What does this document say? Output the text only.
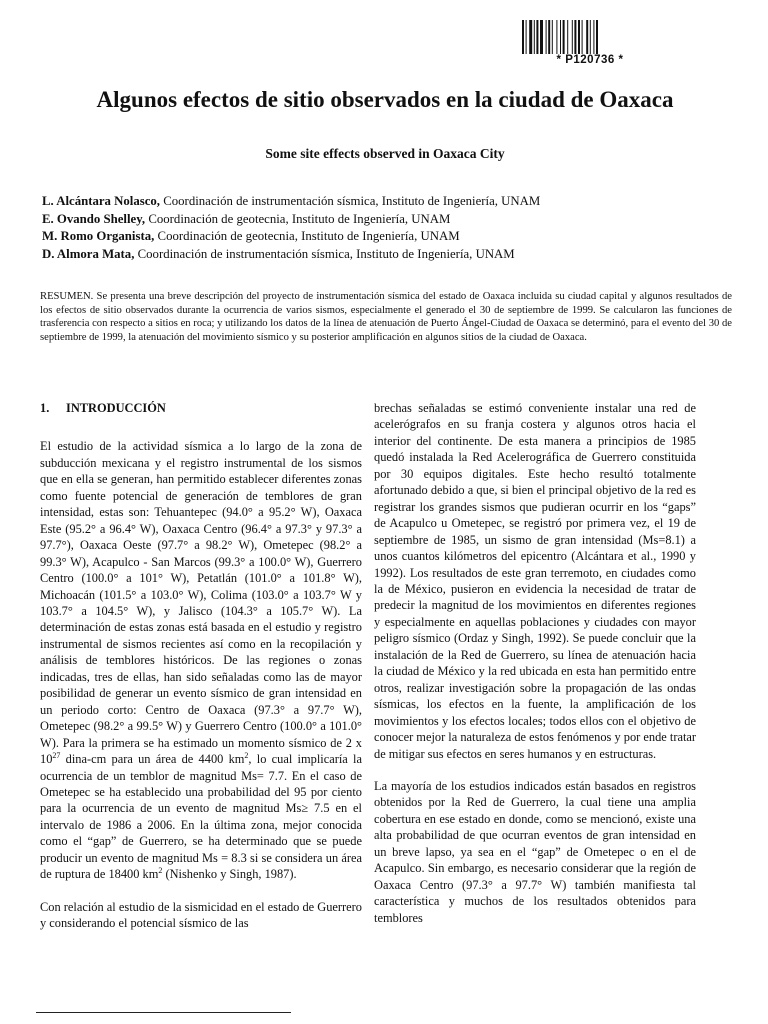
* P120736 *
Algunos efectos de sitio observados en la ciudad de Oaxaca
Some site effects observed in Oaxaca City
L. Alcántara Nolasco, Coordinación de instrumentación sísmica, Instituto de Ingeniería, UNAM
E. Ovando Shelley, Coordinación de geotecnia, Instituto de Ingeniería, UNAM
M. Romo Organista, Coordinación de geotecnia, Instituto de Ingeniería, UNAM
D. Almora Mata, Coordinación de instrumentación sísmica, Instituto de Ingeniería, UNAM

RESUMEN. Se presenta una breve descripción del proyecto de instrumentación sísmica del estado de Oaxaca incluida su ciudad capital y algunos resultados de los efectos de sitio observados durante la ocurrencia de varios sismos, especialmente el generado el 30 de septiembre de 1999. Se calcularon las funciones de trasferencia con respecto a sitios en roca; y utilizando los datos de la línea de atenuación de Puerto Ángel-Ciudad de Oaxaca se determinó, para el evento del 30 de septiembre de 1999, la atenuación del movimiento sísmico y su posterior amplificación en algunos sitios de la ciudad de Oaxaca.

1. INTRODUCCIÓN

El estudio de la actividad sísmica a lo largo de la zona de subducción mexicana y el registro instrumental de los sismos que en ella se generan, han permitido establecer diferentes zonas como fuente potencial de generación de temblores de gran intensidad, estas son: Tehuantepec (94.0° a 95.2° W), Oaxaca Este (95.2° a 96.4° W), Oaxaca Centro (96.4° a 97.3° y 97.3° a 97.7°), Oaxaca Oeste (97.7° a 98.2° W), Ometepec (98.2° a 99.3° W), Acapulco - San Marcos (99.3° a 100.0° W), Guerrero Centro (100.0° a 101° W), Petatlán (101.0° a 101.8° W), Michoacán (101.5° a 103.0° W), Colima (103.0° a 103.7° W y 103.7° a 104.5° W), y Jalisco (104.3° a 105.7° W). La determinación de estas zonas está basada en el estudio y registro instrumental de sismos recientes así como en la recopilación y análisis de temblores históricos. De las regiones o zonas indicadas, tres de ellas, han sido señaladas como las de mayor posibilidad de generar un evento sísmico de gran intensidad en un periodo corto: Centro de Oaxaca (97.3° a 97.7° W), Ometepec (98.2° a 99.5° W) y Guerrero Centro (100.0° a 101.0° W). Para la primera se ha estimado un momento sísmico de 2 x $10^{27}$ dina-cm para un área de 4400 $km^2$, lo cual implicaría la ocurrencia de un temblor de magnitud Ms= 7.7. En el caso de Ometepec se ha establecido una probabilidad del 95 por ciento para la ocurrencia de un evento de magnitud Ms≥ 7.5 en el intervalo de 1986 a 2006. En la última zona, mejor conocida como el “gap” de Guerrero, se ha determinado que se puede producir un evento de magnitud Ms = 8.3 si se considera un área de ruptura de 18400 $km^2$ (Nishenko y Singh, 1987).

Con relación al estudio de la sismicidad en el estado de Guerrero y considerando el potencial sísmico de las

brechas señaladas se estimó conveniente instalar una red de acelerógrafos en su franja costera y algunos otros hacia el interior del continente. De esta manera a principios de 1985 quedó instalada la Red Acelerográfica de Guerrero constituida por 30 equipos digitales. Este hecho resultó totalmente afortunado debido a que, si bien el principal objetivo de la red es registrar los grandes sismos que pudieran ocurrir en los “gaps” de Acapulco u Ometepec, se registró por primera vez, el 19 de septiembre de 1985, un sismo de gran intensidad (Ms=8.1) a unos cuantos kilómetros del epicentro (Alcántara et al., 1990 y 1992). Los resultados de este gran terremoto, en ciudades como la de México, pusieron en evidencia la necesidad de tratar de predecir la magnitud de los movimientos en diferentes regiones y especialmente en aquellas poblaciones y ciudades con mayor peligro sísmico (Ordaz y Singh, 1992). Se puede concluir que la instalación de la Red de Guerrero, su línea de atenuación hacia la ciudad de México y la red ubicada en esta han permitido entre otros, realizar investigación sobre la propagación de las ondas sísmicas, los efectos en la fuente, la amplificación de los movimientos y los efectos locales; todos ellos con el objetivo de conocer mejor la naturaleza de estos fenómenos y por ende tratar de mitigar sus efectos en seres humanos y en estructuras.

La mayoría de los estudios indicados están basados en registros obtenidos por la Red de Guerrero, la cual tiene una amplia cobertura en ese estado en donde, como se mencionó, existe una alta probabilidad de que ocurran eventos de gran intensidad en un breve lapso, ya sea en el “gap” de Ometepec o en el de Acapulco. Sin embargo, es necesario considerar que la región de Oaxaca Centro (97.3° a 97.7° W) también manifiesta tal característica y muchos de los resultados obtenidos para temblores
